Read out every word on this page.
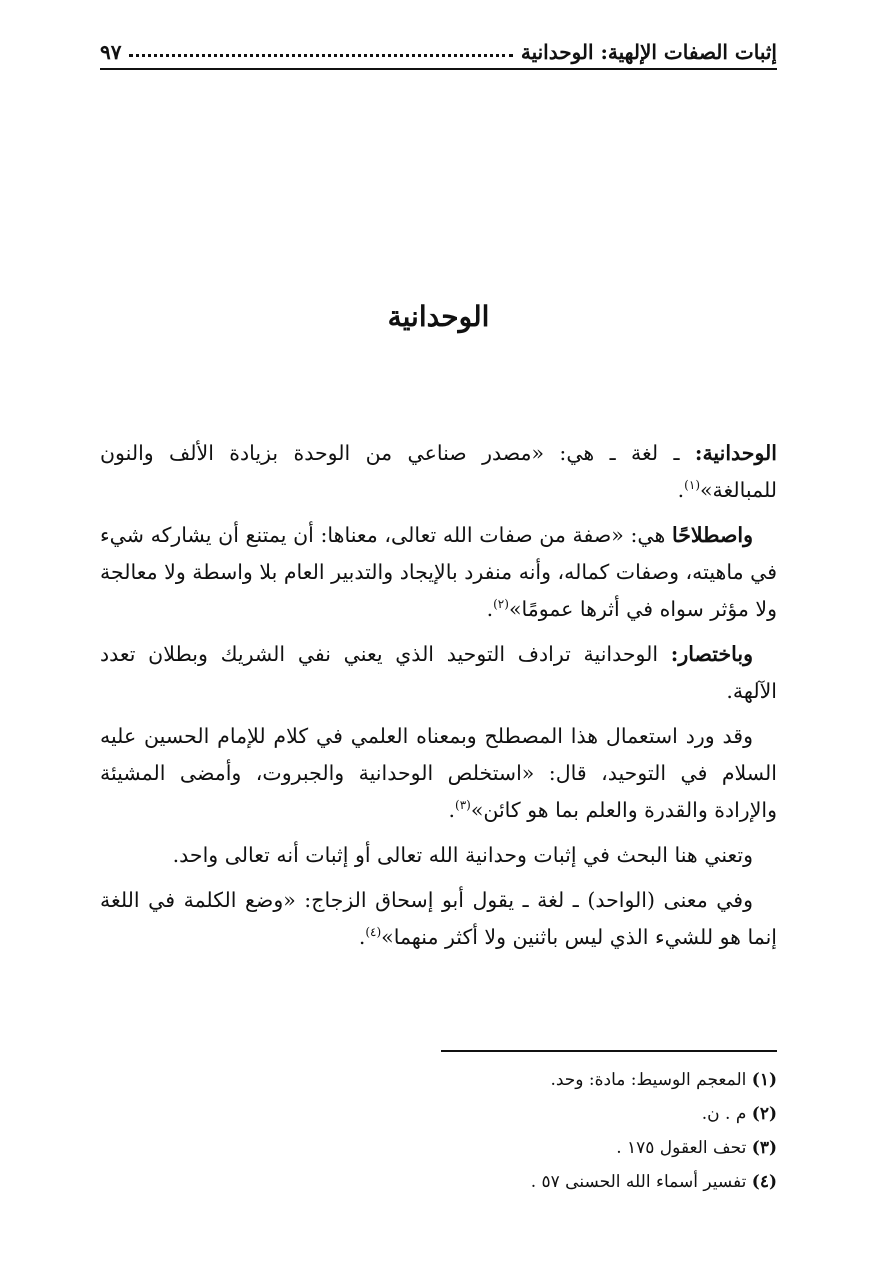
إثبات الصفات الإلهية: الوحدانية
٩٧
الوحدانية

الوحدانية: ـ لغة ـ هي: «مصدر صناعي من الوحدة بزيادة الألف والنون للمبالغة»$^{(١)}$.

واصطلاحًا هي: «صفة من صفات الله تعالى، معناها: أن يمتنع أن يشاركه شيء في ماهيته، وصفات كماله، وأنه منفرد بالإيجاد والتدبير العام بلا واسطة ولا معالجة ولا مؤثر سواه في أثرها عمومًا»$^{(٢)}$.

وباختصار: الوحدانية ترادف التوحيد الذي يعني نفي الشريك وبطلان تعدد الآلهة.

وقد ورد استعمال هذا المصطلح وبمعناه العلمي في كلام للإمام الحسين عليه السلام في التوحيد، قال: «استخلص الوحدانية والجبروت، وأمضى المشيئة والإرادة والقدرة والعلم بما هو كائن»$^{(٣)}$.

وتعني هنا البحث في إثبات وحدانية الله تعالى أو إثبات أنه تعالى واحد.

وفي معنى (الواحد) ـ لغة ـ يقول أبو إسحاق الزجاج: «وضع الكلمة في اللغة إنما هو للشيء الذي ليس باثنين ولا أكثر منهما»$^{(٤)}$.

(١) المعجم الوسيط: مادة: وحد.

(٢) م . ن.

(٣) تحف العقول ١٧٥ .

(٤) تفسير أسماء الله الحسنى ٥٧ .
